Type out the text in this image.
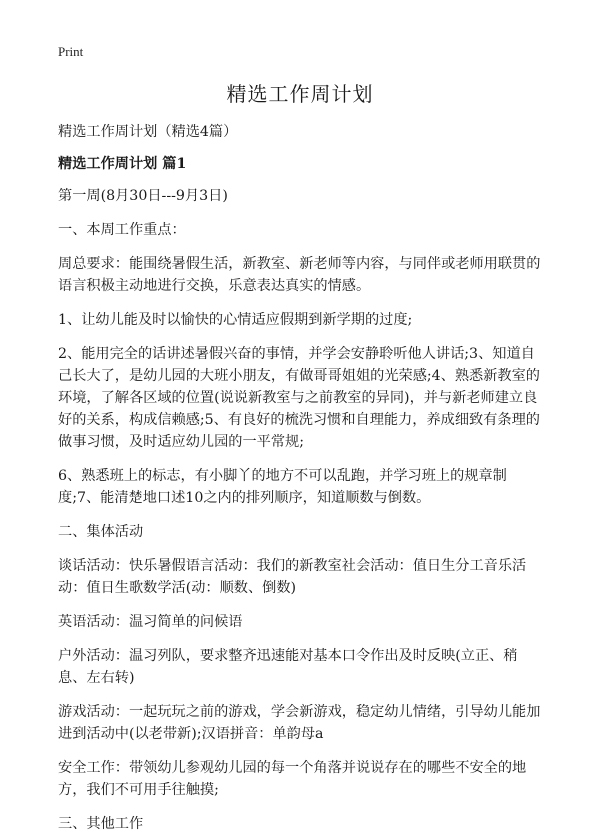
Print
精选工作周计划

精选工作周计划（精选4篇）

精选工作周计划 篇1

第一周(8月30日---9月3日)

一、本周工作重点：

周总要求：能围绕暑假生活，新教室、新老师等内容，与同伴或老师用联贯的语言积极主动地进行交换，乐意表达真实的情感。

1、让幼儿能及时以愉快的心情适应假期到新学期的过度;

2、能用完全的话讲述暑假兴奋的事情，并学会安静聆听他人讲话;3、知道自己长大了，是幼儿园的大班小朋友，有做哥哥姐姐的光荣感;4、熟悉新教室的环境，了解各区域的位置(说说新教室与之前教室的异同)，并与新老师建立良好的关系，构成信赖感;5、有良好的梳洗习惯和自理能力，养成细致有条理的做事习惯，及时适应幼儿园的一平常规;

6、熟悉班上的标志，有小脚丫的地方不可以乱跑，并学习班上的规章制度;7、能清楚地口述10之内的排列顺序，知道顺数与倒数。

二、集体活动

谈话活动：快乐暑假语言活动：我们的新教室社会活动：值日生分工音乐活动：值日生歌数学活(动：顺数、倒数)

英语活动：温习简单的问候语

户外活动：温习列队，要求整齐迅速能对基本口令作出及时反映(立正、稍息、左右转)

游戏活动：一起玩玩之前的游戏，学会新游戏，稳定幼儿情绪，引导幼儿能加进到活动中(以老带新);汉语拼音：单韵母a

安全工作：带领幼儿参观幼儿园的每一个角落并说说存在的哪些不安全的地方，我们不可用手往触摸;

三、其他工作
